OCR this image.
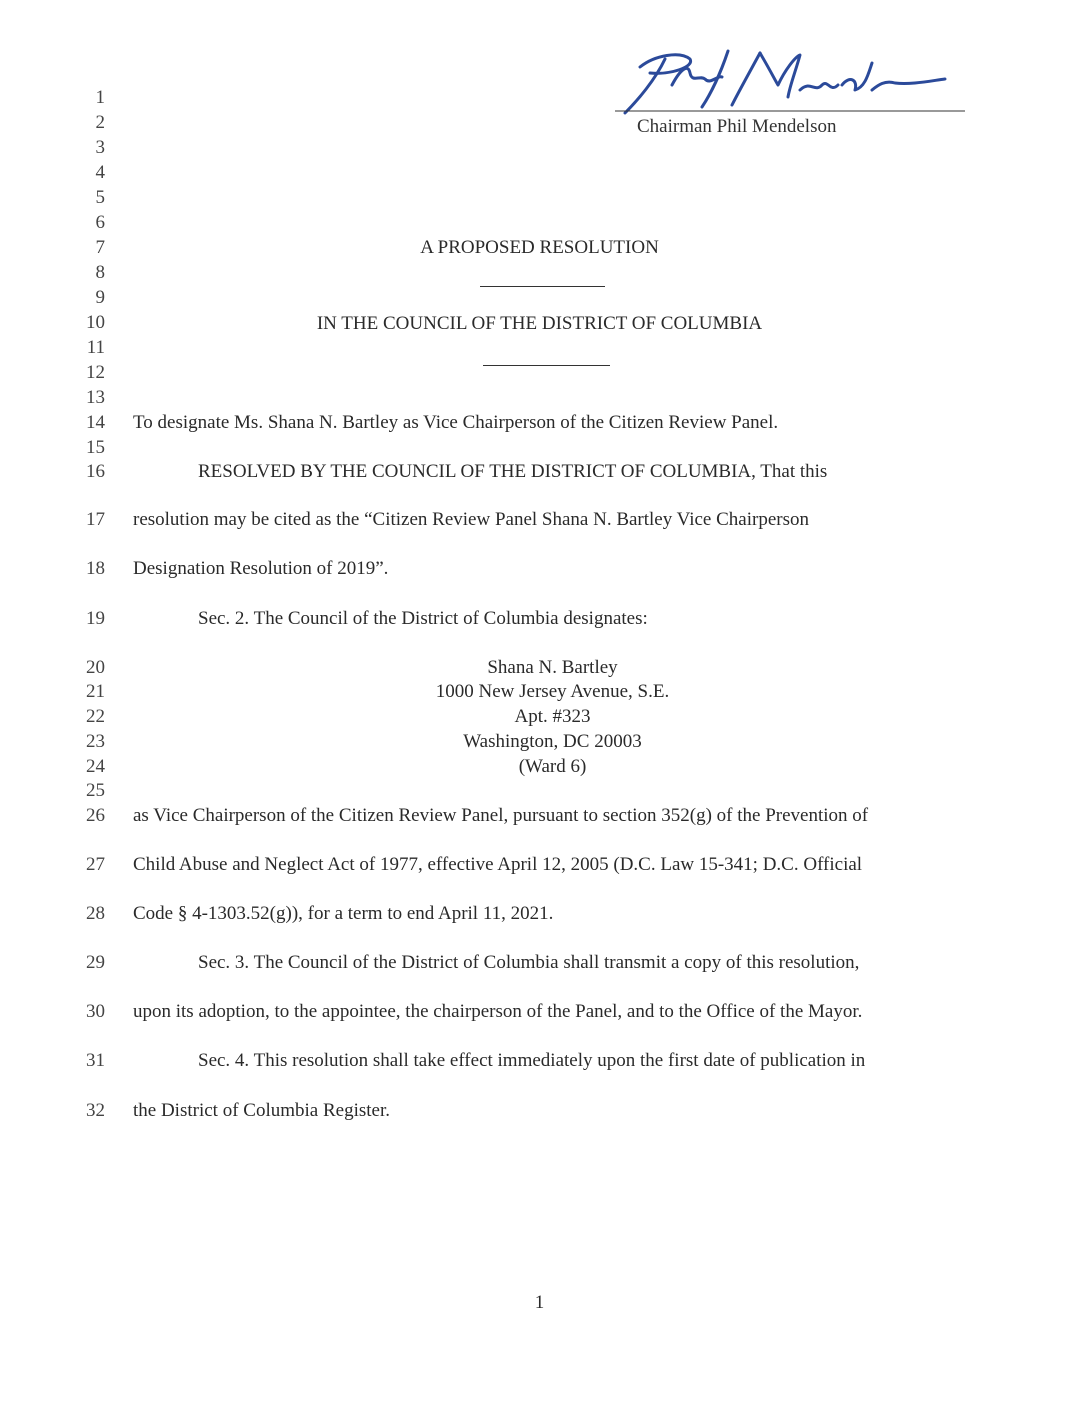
Chairman Phil Mendelson
1
2
3
4
5
6
7
8
9
10
11
12
13
14
15
16
17
18
19
20
21
22
23
24
25
26
27
28
29
30
31
32
A PROPOSED RESOLUTION
IN THE COUNCIL OF THE DISTRICT OF COLUMBIA
To designate Ms. Shana N. Bartley as Vice Chairperson of the Citizen Review Panel.
RESOLVED BY THE COUNCIL OF THE DISTRICT OF COLUMBIA, That this
resolution may be cited as the “Citizen Review Panel Shana N. Bartley Vice Chairperson
Designation Resolution of 2019”.
Sec. 2. The Council of the District of Columbia designates:
Shana N. Bartley
1000 New Jersey Avenue, S.E.
Apt. #323
Washington, DC 20003
(Ward 6)
as Vice Chairperson of the Citizen Review Panel, pursuant to section 352(g) of the Prevention of
Child Abuse and Neglect Act of 1977, effective April 12, 2005 (D.C. Law 15-341; D.C. Official
Code § 4-1303.52(g)), for a term to end April 11, 2021.
Sec. 3. The Council of the District of Columbia shall transmit a copy of this resolution,
upon its adoption, to the appointee, the chairperson of the Panel, and to the Office of the Mayor.
Sec. 4. This resolution shall take effect immediately upon the first date of publication in
the District of Columbia Register.
1
